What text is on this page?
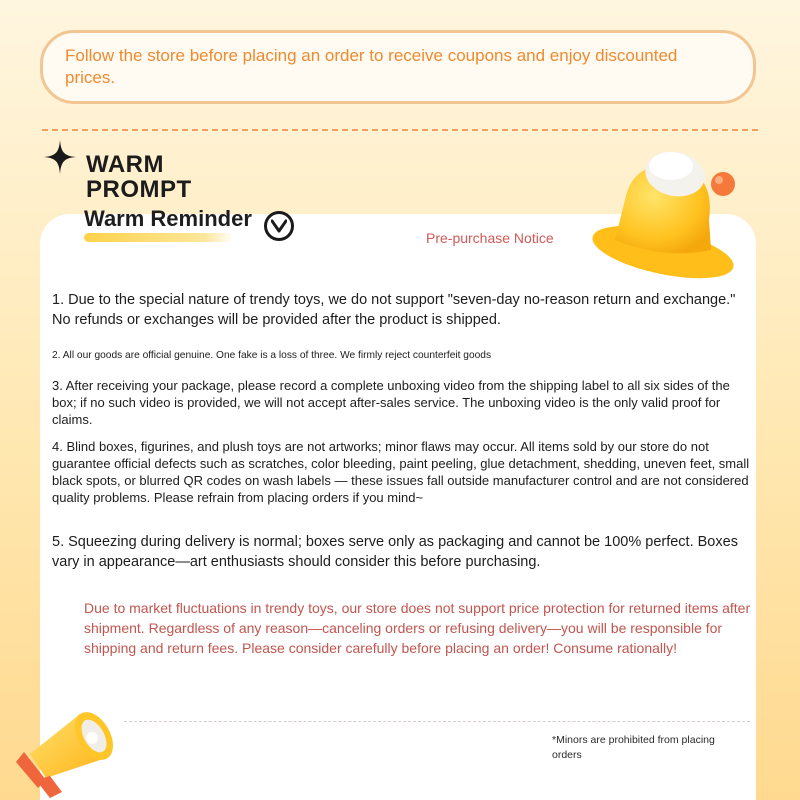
Follow the store before placing an order to receive coupons and enjoy discounted prices.
WARM
PROMPT
Warm Reminder
Pre-purchase Notice

1. Due to the special nature of trendy toys, we do not support "seven-day no-reason return and exchange." No refunds or exchanges will be provided after the product is shipped.

2. All our goods are official genuine. One fake is a loss of three. We firmly reject counterfeit goods

3. After receiving your package, please record a complete unboxing video from the shipping label to all six sides of the box; if no such video is provided, we will not accept after-sales service. The unboxing video is the only valid proof for claims.

4. Blind boxes, figurines, and plush toys are not artworks; minor flaws may occur. All items sold by our store do not guarantee official defects such as scratches, color bleeding, paint peeling, glue detachment, shedding, uneven feet, small black spots, or blurred QR codes on wash labels — these issues fall outside manufacturer control and are not considered quality problems. Please refrain from placing orders if you mind~

5. Squeezing during delivery is normal; boxes serve only as packaging and cannot be 100% perfect. Boxes vary in appearance—art enthusiasts should consider this before purchasing.

Due to market fluctuations in trendy toys, our store does not support price protection for returned items after shipment. Regardless of any reason—canceling orders or refusing delivery—you will be responsible for shipping and return fees. Please consider carefully before placing an order! Consume rationally!

*Minors are prohibited from placing orders
